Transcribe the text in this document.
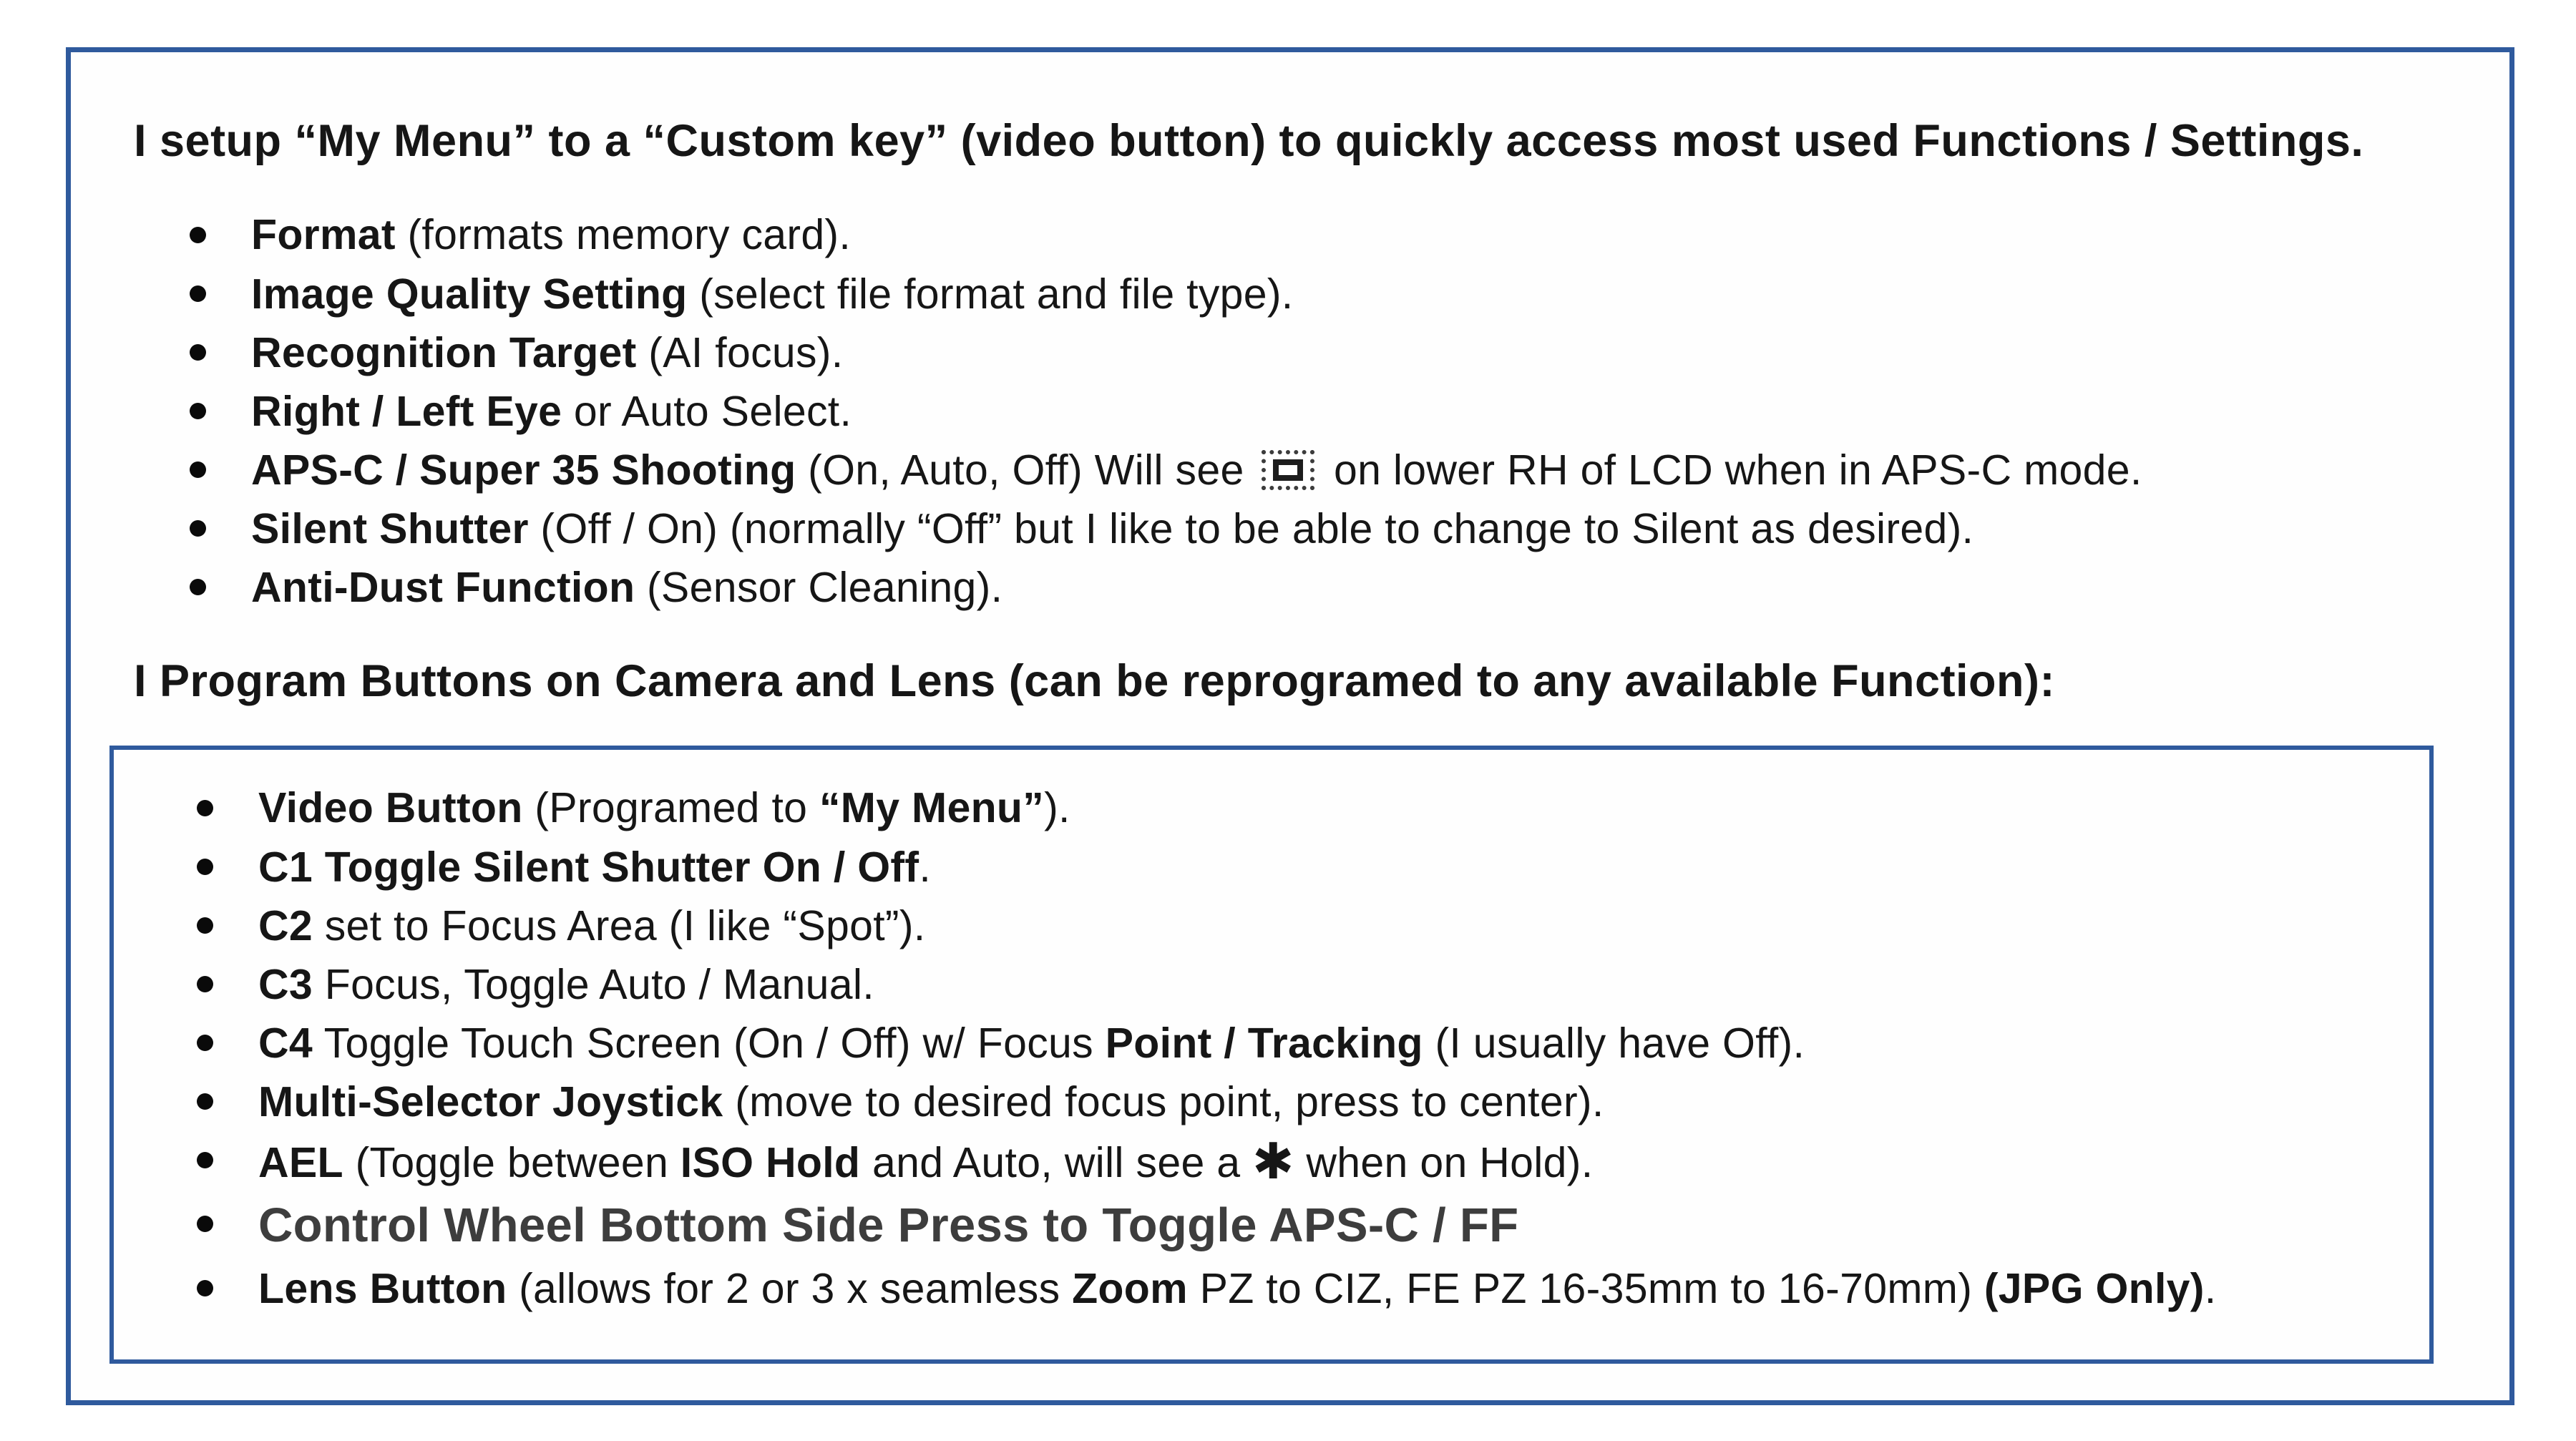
I setup “My Menu” to a “Custom key” (video button) to quickly access most used Functions / Settings.

Format (formats memory card).
Image Quality Setting (select file format and file type).
Recognition Target (AI focus).
Right / Left Eye or Auto Select.
APS-C / Super 35 Shooting (On, Auto, Off) Will see  on lower RH of LCD when in APS-C mode.
Silent Shutter (Off / On) (normally “Off” but I like to be able to change to Silent as desired).
Anti-Dust Function (Sensor Cleaning).

I Program Buttons on Camera and Lens (can be reprogramed to any available Function):

Video Button (Programed to “My Menu”).
C1 Toggle Silent Shutter On / Off.
C2 set to Focus Area (I like “Spot”).
C3 Focus, Toggle Auto / Manual.
C4 Toggle Touch Screen (On / Off) w/ Focus Point / Tracking (I usually have Off).
Multi-Selector Joystick (move to desired focus point, press to center).
AEL (Toggle between ISO Hold and Auto, will see a ✱ when on Hold).
Control Wheel Bottom Side Press to Toggle APS-C / FF
Lens Button (allows for 2 or 3 x seamless Zoom PZ to CIZ, FE PZ 16-35mm to 16-70mm) (JPG Only).
